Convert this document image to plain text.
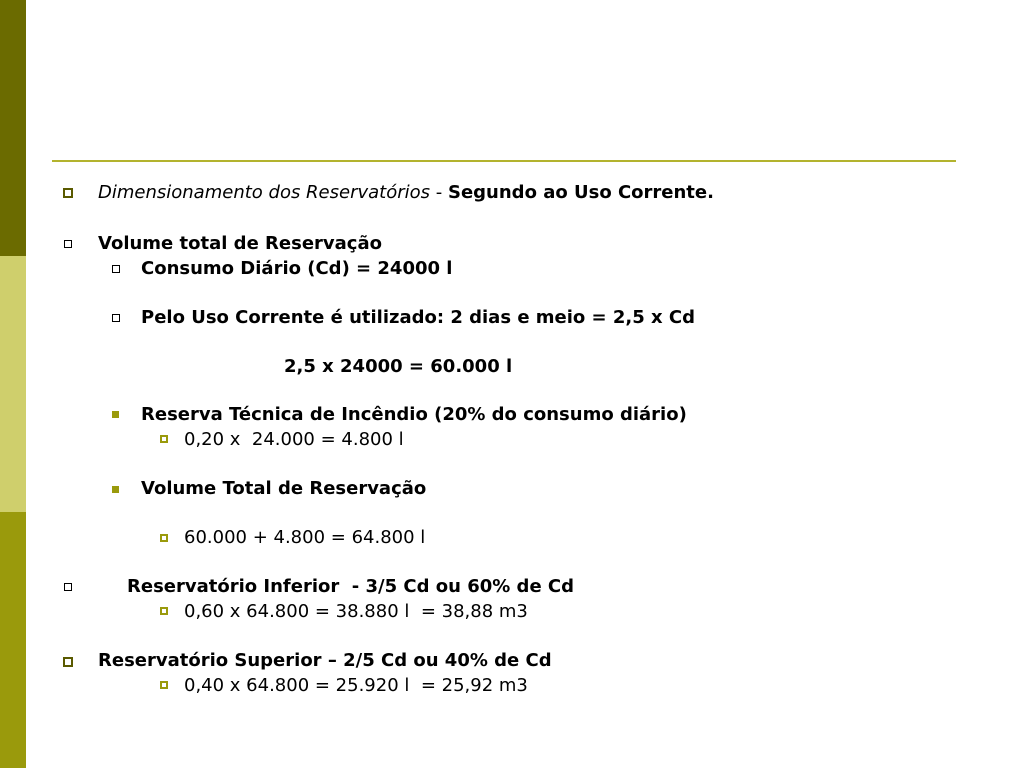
Dimensionamento dos Reservatórios - Segundo ao Uso Corrente.
Volume total de Reservação
Consumo Diário (Cd) = 24000 l
Pelo Uso Corrente é utilizado: 2 dias e meio = 2,5 x Cd
2,5 x 24000 = 60.000 l
Reserva Técnica de Incêndio (20% do consumo diário)
0,20 x  24.000 = 4.800 l
Volume Total de Reservação
60.000 + 4.800 = 64.800 l
Reservatório Inferior  - 3/5 Cd ou 60% de Cd
0,60 x 64.800 = 38.880 l  = 38,88 m3
Reservatório Superior – 2/5 Cd ou 40% de Cd
0,40 x 64.800 = 25.920 l  = 25,92 m3
